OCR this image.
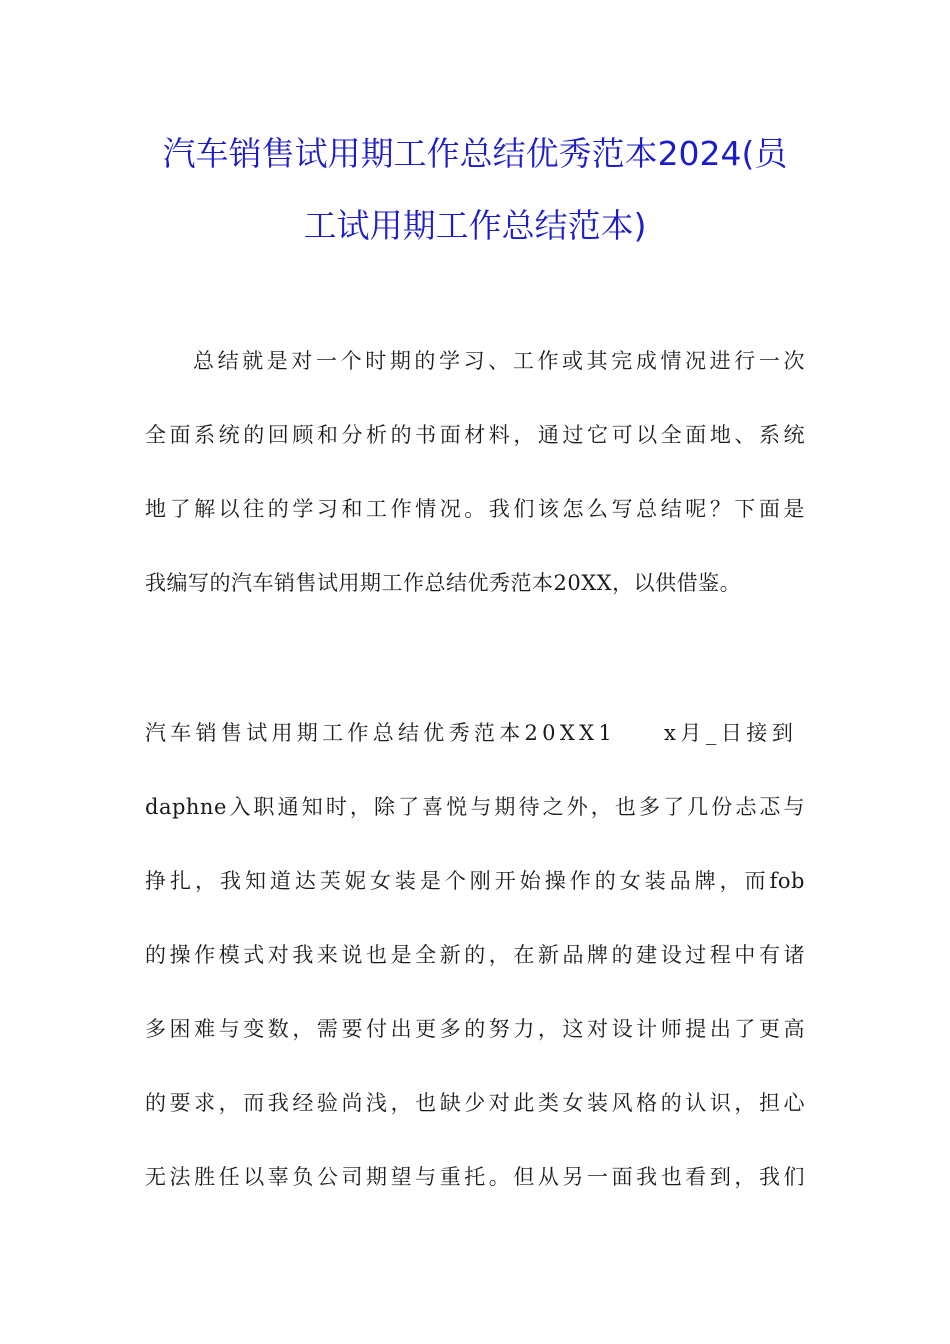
汽车销售试用期工作总结优秀范本2024(员
工试用期工作总结范本)
总结就是对一个时期的学习、工作或其完成情况进行一次
全面系统的回顾和分析的书面材料，通过它可以全面地、系统
地了解以往的学习和工作情况。我们该怎么写总结呢？下面是
我编写的汽车销售试用期工作总结优秀范本20XX，以供借鉴。
汽车销售试用期工作总结优秀范本20XX1 x月_日接到
daphne入职通知时，除了喜悦与期待之外，也多了几份忐忑与
挣扎，我知道达芙妮女装是个刚开始操作的女装品牌，而fob
的操作模式对我来说也是全新的，在新品牌的建设过程中有诸
多困难与变数，需要付出更多的努力，这对设计师提出了更高
的要求，而我经验尚浅，也缺少对此类女装风格的认识，担心
无法胜任以辜负公司期望与重托。但从另一面我也看到，我们
